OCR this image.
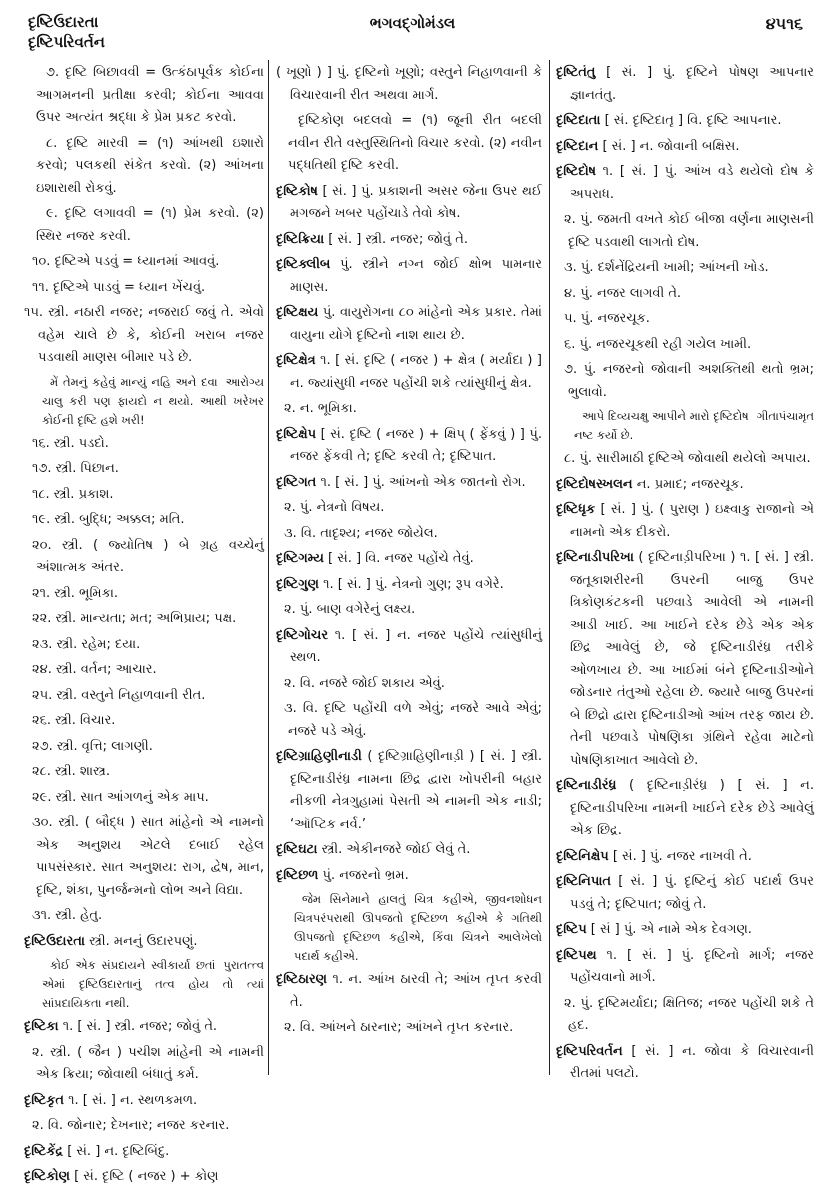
દૃષ્ટિઉદારતા
દૃષ્ટિપરિવર્તન
ભગવદ્ગોમંડલ	૪૫૧૬

૭. દૃષ્ટિ બિછાવવી = ઉત્કંઠાપૂર્વક કોઈના આગમનની પ્રતીક્ષા કરવી; કોઈના આવવા ઉપર અત્યંત શ્રદ્ધા કે પ્રેમ પ્રકટ કરવો.

૮. દૃષ્ટિ મારવી = (૧) આંખથી ઇશારો કરવો; પલકથી સંકેત કરવો. (૨) આંખના ઇશારાથી રોકવું.

૯. દૃષ્ટિ લગાવવી = (૧) પ્રેમ કરવો. (૨) સ્થિર નજર કરવી.

૧૦. દૃષ્ટિએ પડવું = ધ્યાનમાં આવવું.

૧૧. દૃષ્ટિએ પાડવું = ધ્યાન ખેંચવું.

૧૫. સ્ત્રી. નઠારી નજર; નજરાઈ જવું તે. એવો વહેમ ચાલે છે કે, કોઈની ખરાબ નજર પડવાથી માણસ બીમાર પડે છે.

આરોગ્ય
મેં તેમનું કહેવું માન્યું નહિ અને દવા ચાલુ કરી પણ ફાયદો ન થયો. આથી ખરેખર કોઈની દૃષ્ટિ હશે ખરી!

૧૬. સ્ત્રી. પડદો.

૧૭. સ્ત્રી. પિછાન.

૧૮. સ્ત્રી. પ્રકાશ.

૧૯. સ્ત્રી. બુદ્ધિ; અક્કલ; મતિ.

૨૦. સ્ત્રી. ( જ્યોતિષ ) બે ગ્રહ વચ્ચેનું અંશાત્મક અંતર.

૨૧. સ્ત્રી. ભૂમિકા.

૨૨. સ્ત્રી. માન્યતા; મત; અભિપ્રાય; પક્ષ.

૨૩. સ્ત્રી. રહેમ; દયા.

૨૪. સ્ત્રી. વર્તન; આચાર.

૨૫. સ્ત્રી. વસ્તુને નિહાળવાની રીત.

૨૬. સ્ત્રી. વિચાર.

૨૭. સ્ત્રી. વૃત્તિ; લાગણી.

૨૮. સ્ત્રી. શાસ્ત્ર.

૨૯. સ્ત્રી. સાત આંગળનું એક માપ.

૩૦. સ્ત્રી. ( બૌદ્ધ ) સાત માંહેનો એ નામનો એક અનુશય એટલે દબાઈ રહેલ પાપસંસ્કાર. સાત અનુશય: રાગ, દ્વેષ, માન, દૃષ્ટિ, શંકા, પુનર્જન્મનો લોભ અને વિદ્યા.

૩૧. સ્ત્રી. હેતુ.

દૃષ્ટિઉદારતા સ્ત્રી. મનનું ઉદારપણું.

પુરાતત્ત્વ
કોઈ એક સંપ્રદાયને સ્વીકાર્યા છતાં એમાં દૃષ્ટિઉદારતાનું તત્વ હોય તો ત્યાં સાંપ્રદાયિકતા નથી.

દૃષ્ટિકા ૧. [ સં. ] સ્ત્રી. નજર; જોવું તે.

૨. સ્ત્રી. ( જૈન ) પચીશ માંહેની એ નામની એક ક્રિયા; જોવાથી બંધાતું કર્મ.

દૃષ્ટિકૃત ૧. [ સં. ] ન. સ્થળકમળ.

૨. વિ. જોનાર; દેખનાર; નજર કરનાર.

દૃષ્ટિકેંદ્ર [ સં. ] ન. દૃષ્ટિબિંદુ.

દૃષ્ટિકોણ [ સં. દૃષ્ટિ ( નજર ) + કોણ

( ખૂણો ) ] પું. દૃષ્ટિનો ખૂણો; વસ્તુને નિહાળવાની કે વિચારવાની રીત અથવા માર્ગ.

દૃષ્ટિકોણ બદલવો = (૧) જૂની રીત બદલી નવીન રીતે વસ્તુસ્થિતિનો વિચાર કરવો. (૨) નવીન પદ્ધતિથી દૃષ્ટિ કરવી.

દૃષ્ટિકોષ [ સં. ] પું. પ્રકાશની અસર જેના ઉપર થઈ મગજને ખબર પહોંચાડે તેવો કોષ.

દૃષ્ટિક્રિયા [ સં. ] સ્ત્રી. નજર; જોવું તે.

દૃષ્ટિક્લીબ પું. સ્ત્રીને નગ્ન જોઈ ક્ષોભ પામનાર માણસ.

દૃષ્ટિક્ષય પું. વાયુરોગના ૮૦ માંહેનો એક પ્રકાર. તેમાં વાયુના યોગે દૃષ્ટિનો નાશ થાય છે.

દૃષ્ટિક્ષેત્ર ૧. [ સં. દૃષ્ટિ ( નજર ) + ક્ષેત્ર ( મર્યાદા ) ] ન. જ્યાંસુધી નજર પહોંચી શકે ત્યાંસુધીનું ક્ષેત્ર.

૨. ન. ભૂમિકા.

દૃષ્ટિક્ષેપ [ સં. દૃષ્ટિ ( નજર ) + ક્ષિપ્ ( ફેંકવું ) ] પું. નજર ફેંકવી તે; દૃષ્ટિ કરવી તે; દૃષ્ટિપાત.

દૃષ્ટિગત ૧. [ સં. ] પું. આંખનો એક જાતનો રોગ.

૨. પું. નેત્રનો વિષય.

૩. વિ. તાદૃશ્ય; નજર જોયેલ.

દૃષ્ટિગમ્ય [ સં. ] વિ. નજર પહોંચે તેવું.

દૃષ્ટિગુણ ૧. [ સં. ] પું. નેત્રનો ગુણ; રૂપ વગેરે.

૨. પું. બાણ વગેરેનું લક્ષ્ય.

દૃષ્ટિગોચર ૧. [ સં. ] ન. નજર પહોંચે ત્યાંસુધીનું સ્થળ.

૨. વિ. નજરે જોઈ શકાય એવું.

૩. વિ. દૃષ્ટિ પહોંચી વળે એવું; નજરે આવે એવું; નજરે પડે એવું.

દૃષ્ટિગ્રાહિણીનાડી ( દૃષ્ટિગ્રાહિણીનાડ઼ી ) [ સં. ] સ્ત્રી. દૃષ્ટિનાડીરંધ્ર નામના છિદ્ર દ્વારા ખોપરીની બહાર નીકળી નેત્રગુહામાં પેસતી એ નામની એક નાડી; ‘ઑપ્ટિક નર્વ.’

દૃષ્ટિઘટા સ્ત્રી. એકીનજરે જોઈ લેવું તે.

દૃષ્ટિછળ પું. નજરનો ભ્રમ.

જીવનશોધન
જેમ સિનેમાને હાલતું ચિત્ર કહીએ, ચિત્રપરંપરાથી ઊપજતો દૃષ્ટિછળ કહીએ કે ગતિથી ઊપજતો દૃષ્ટિછળ કહીએ, કિંવા ચિત્રને આલેખેલો પદાર્થ કહીએ.

દૃષ્ટિઠારણ ૧. ન. આંખ ઠારવી તે; આંખ તૃપ્ત કરવી તે.

૨. વિ. આંખને ઠારનાર; આંખને તૃપ્ત કરનાર.

દૃષ્ટિતંતુ [ સં. ] પું. દૃષ્ટિને પોષણ આપનાર જ્ઞાનતંતુ.

દૃષ્ટિદાતા [ સં. દૃષ્ટિદાતૃ ] વિ. દૃષ્ટિ આપનાર.

દૃષ્ટિદાન [ સં. ] ન. જોવાની બક્ષિસ.

દૃષ્ટિદોષ ૧. [ સં. ] પું. આંખ વડે થયેલો દોષ કે અપરાધ.

૨. પું. જમતી વખતે કોઈ બીજા વર્ણના માણસની દૃષ્ટિ પડવાથી લાગતો દોષ.

૩. પું. દર્શનેંદ્રિયની ખામી; આંખની ખોડ.

૪. પું. નજર લાગવી તે.

૫. પું. નજરચૂક.

૬. પું. નજરચૂકથી રહી ગયેલ ખામી.

૭. પું. નજરનો જોવાની અશક્તિથી થતો ભ્રમ; ભુલાવો.

ગીતાપંચામૃત
આપે દિવ્યચક્ષુ આપીને મારો દૃષ્ટિદોષ નષ્ટ કર્યો છે.

૮. પું. સારીમાઠી દૃષ્ટિએ જોવાથી થયેલો અપાય.

દૃષ્ટિદોષસ્ખલન ન. પ્રમાદ; નજરચૂક.

દૃષ્ટિધૃક [ સં. ] પું. ( પુરાણ ) ઇક્ષ્વાકુ રાજાનો એ નામનો એક દીકરો.

દૃષ્ટિનાડીપરિખા ( દૃષ્ટિનાડ઼ીપરિખા ) ૧. [ સં. ] સ્ત્રી. જતૂકાશરીરની ઉપરની બાજુ ઉપર ત્રિકોણકંટકની પછવાડે આવેલી એ નામની આડી ખાઈ. આ ખાઈને દરેક છેડે એક એક છિદ્ર આવેલું છે, જે દૃષ્ટિનાડીરંધ્ર તરીકે ઓળખાય છે. આ ખાઈમાં બંને દૃષ્ટિનાડીઓને જોડનાર તંતુઓ રહેલા છે. જ્યારે બાજુ ઉપરનાં બે છિદ્રો દ્વારા દૃષ્ટિનાડીઓ આંખ તરફ જાય છે. તેની પછવાડે પોષણિકા ગ્રંથિને રહેવા માટેનો પોષણિકાખાત આવેલો છે.

દૃષ્ટિનાડીરંધ્ર ( દૃષ્ટિનાડ઼ીરંધ્ર ) [ સં. ] ન. દૃષ્ટિનાડીપરિખા નામની ખાઈને દરેક છેડે આવેલું એક છિદ્ર.

દૃષ્ટિનિક્ષેપ [ સં. ] પું. નજર નાખવી તે.

દૃષ્ટિનિપાત [ સં. ] પું. દૃષ્ટિનું કોઈ પદાર્થ ઉપર પડવું તે; દૃષ્ટિપાત; જોવું તે.

દૃષ્ટિપ [ સં ] પું. એ નામે એક દેવગણ.

દૃષ્ટિપથ ૧. [ સં. ] પું. દૃષ્ટિનો માર્ગ; નજર પહોંચવાનો માર્ગ.

૨. પું. દૃષ્ટિમર્યાદા; ક્ષિતિજ; નજર પહોંચી શકે તે હદ.

દૃષ્ટિપરિવર્તન [ સં. ] ન. જોવા કે વિચારવાની રીતમાં પલટો.
